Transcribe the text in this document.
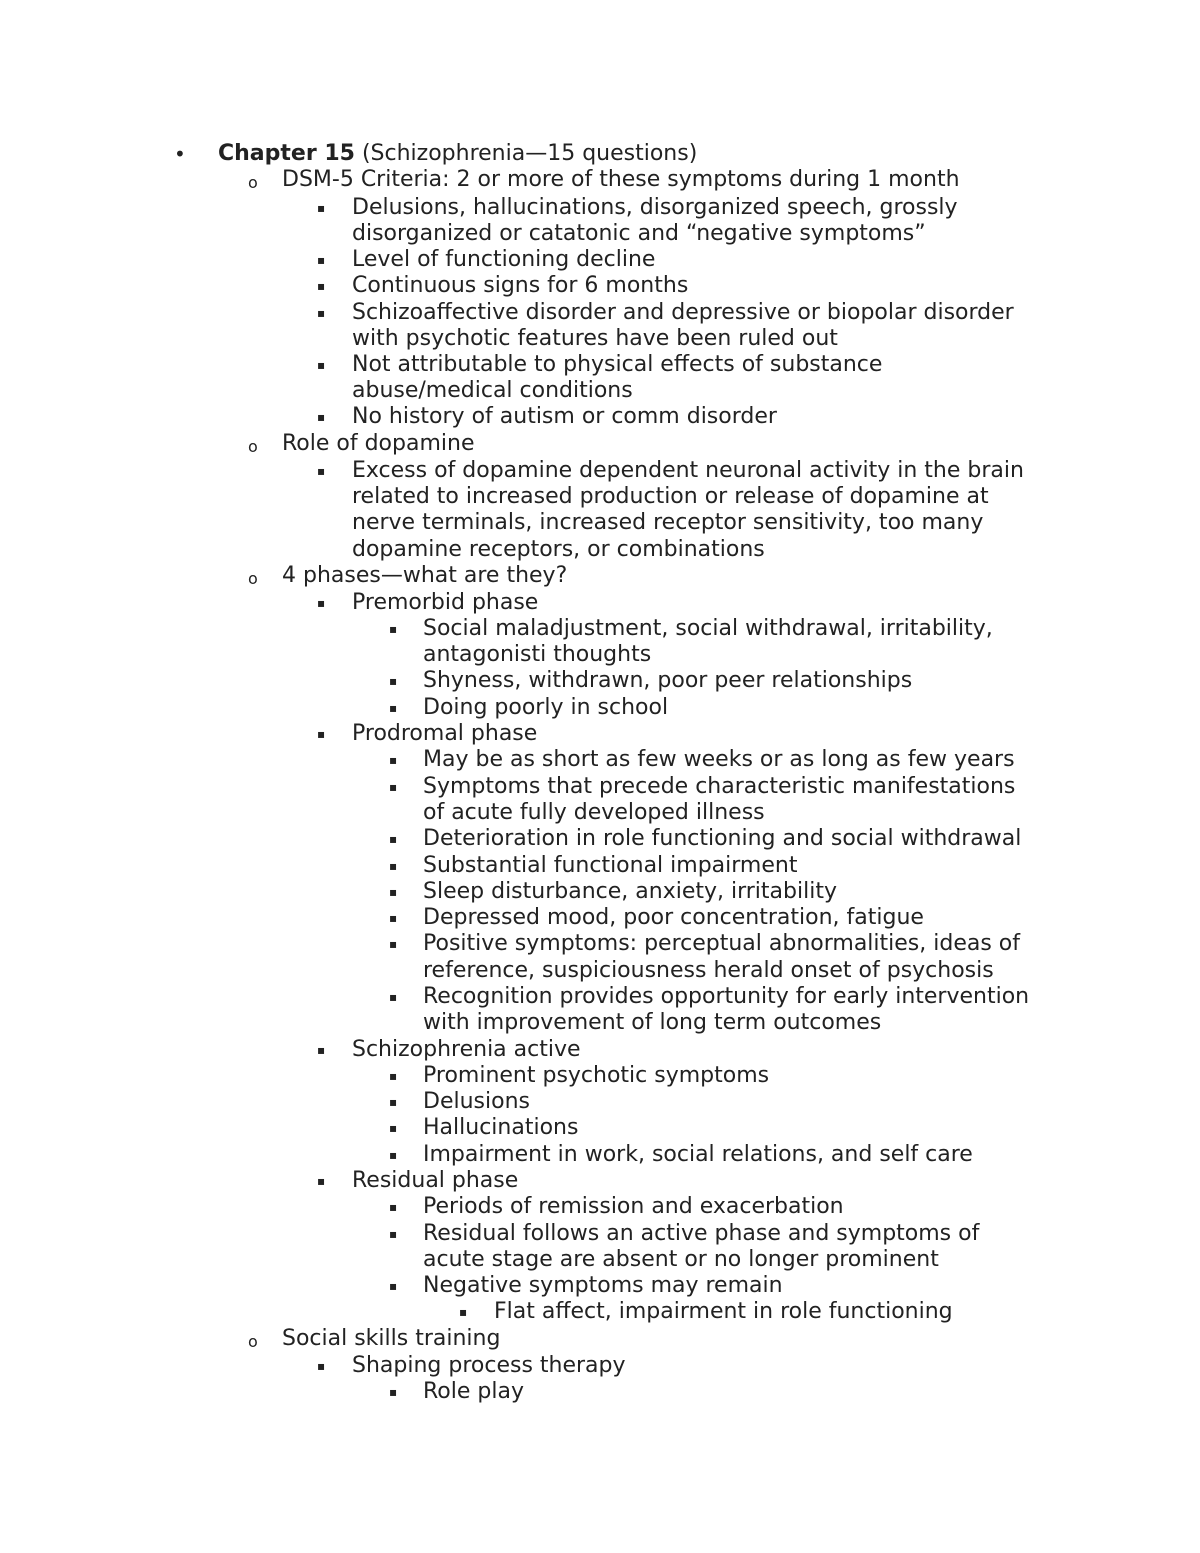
• Chapter 15 (Schizophrenia—15 questions)
o DSM-5 Criteria: 2 or more of these symptoms during 1 month
▪ Delusions, hallucinations, disorganized speech, grossly
disorganized or catatonic and “negative symptoms”
▪ Level of functioning decline
▪ Continuous signs for 6 months
▪ Schizoaffective disorder and depressive or biopolar disorder
with psychotic features have been ruled out
▪ Not attributable to physical effects of substance
abuse/medical conditions
▪ No history of autism or comm disorder
o Role of dopamine
▪ Excess of dopamine dependent neuronal activity in the brain
related to increased production or release of dopamine at
nerve terminals, increased receptor sensitivity, too many
dopamine receptors, or combinations
o 4 phases—what are they?
▪ Premorbid phase
▪ Social maladjustment, social withdrawal, irritability,
antagonisti thoughts
▪ Shyness, withdrawn, poor peer relationships
▪ Doing poorly in school
▪ Prodromal phase
▪ May be as short as few weeks or as long as few years
▪ Symptoms that precede characteristic manifestations
of acute fully developed illness
▪ Deterioration in role functioning and social withdrawal
▪ Substantial functional impairment
▪ Sleep disturbance, anxiety, irritability
▪ Depressed mood, poor concentration, fatigue
▪ Positive symptoms: perceptual abnormalities, ideas of
reference, suspiciousness herald onset of psychosis
▪ Recognition provides opportunity for early intervention
with improvement of long term outcomes
▪ Schizophrenia active
▪ Prominent psychotic symptoms
▪ Delusions
▪ Hallucinations
▪ Impairment in work, social relations, and self care
▪ Residual phase
▪ Periods of remission and exacerbation
▪ Residual follows an active phase and symptoms of
acute stage are absent or no longer prominent
▪ Negative symptoms may remain
▪ Flat affect, impairment in role functioning
o Social skills training
▪ Shaping process therapy
▪ Role play
